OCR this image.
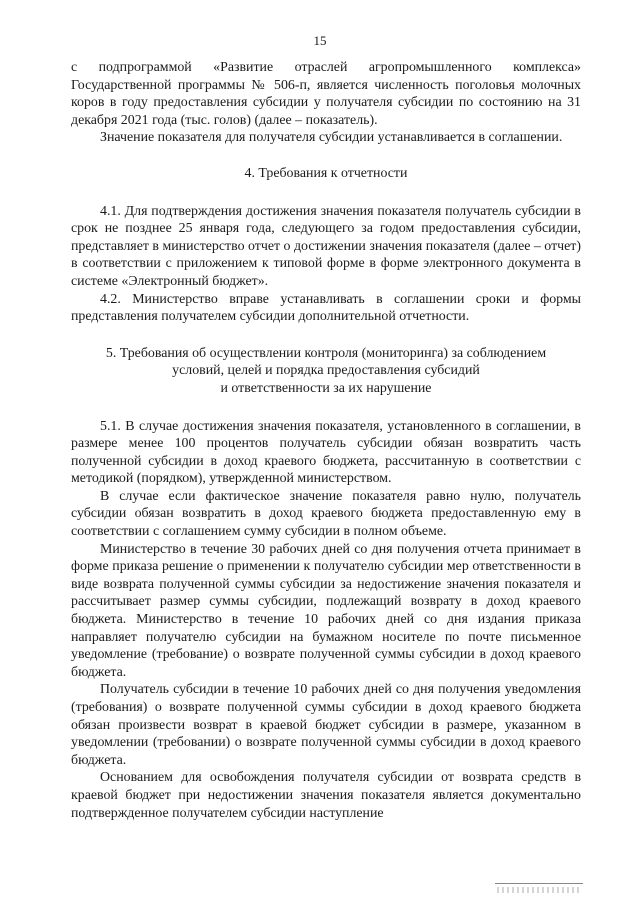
15

с подпрограммой «Развитие отраслей агропромышленного комплекса» Государственной программы № 506-п, является численность поголовья молочных коров в году предоставления субсидии у получателя субсидии по состоянию на 31 декабря 2021 года (тыс. голов) (далее – показатель).

Значение показателя для получателя субсидии устанавливается в соглашении.

4. Требования к отчетности

4.1. Для подтверждения достижения значения показателя получатель субсидии в срок не позднее 25 января года, следующего за годом предоставления субсидии, представляет в министерство отчет о достижении значения показателя (далее – отчет) в соответствии с приложением к типовой форме в форме электронного документа в системе «Электронный бюджет».

4.2. Министерство вправе устанавливать в соглашении сроки и формы представления получателем субсидии дополнительной отчетности.

5. Требования об осуществлении контроля (мониторинга) за соблюдением
условий, целей и порядка предоставления субсидий
и ответственности за их нарушение

5.1. В случае достижения значения показателя, установленного в соглашении, в размере менее 100 процентов получатель субсидии обязан возвратить часть полученной субсидии в доход краевого бюджета, рассчитанную в соответствии с методикой (порядком), утвержденной министерством.

В случае если фактическое значение показателя равно нулю, получатель субсидии обязан возвратить в доход краевого бюджета предоставленную ему в соответствии с соглашением сумму субсидии в полном объеме.

Министерство в течение 30 рабочих дней со дня получения отчета принимает в форме приказа решение о применении к получателю субсидии мер ответственности в виде возврата полученной суммы субсидии за недостижение значения показателя и рассчитывает размер суммы субсидии, подлежащий возврату в доход краевого бюджета. Министерство в течение 10 рабочих дней со дня издания приказа направляет получателю субсидии на бумажном носителе по почте письменное уведомление (требование) о возврате полученной суммы субсидии в доход краевого бюджета.

Получатель субсидии в течение 10 рабочих дней со дня получения уведомления (требования) о возврате полученной суммы субсидии в доход краевого бюджета обязан произвести возврат в краевой бюджет субсидии в размере, указанном в уведомлении (требовании) о возврате полученной суммы субсидии в доход краевого бюджета.

Основанием для освобождения получателя субсидии от возврата средств в краевой бюджет при недостижении значения показателя является документально подтвержденное получателем субсидии наступление
